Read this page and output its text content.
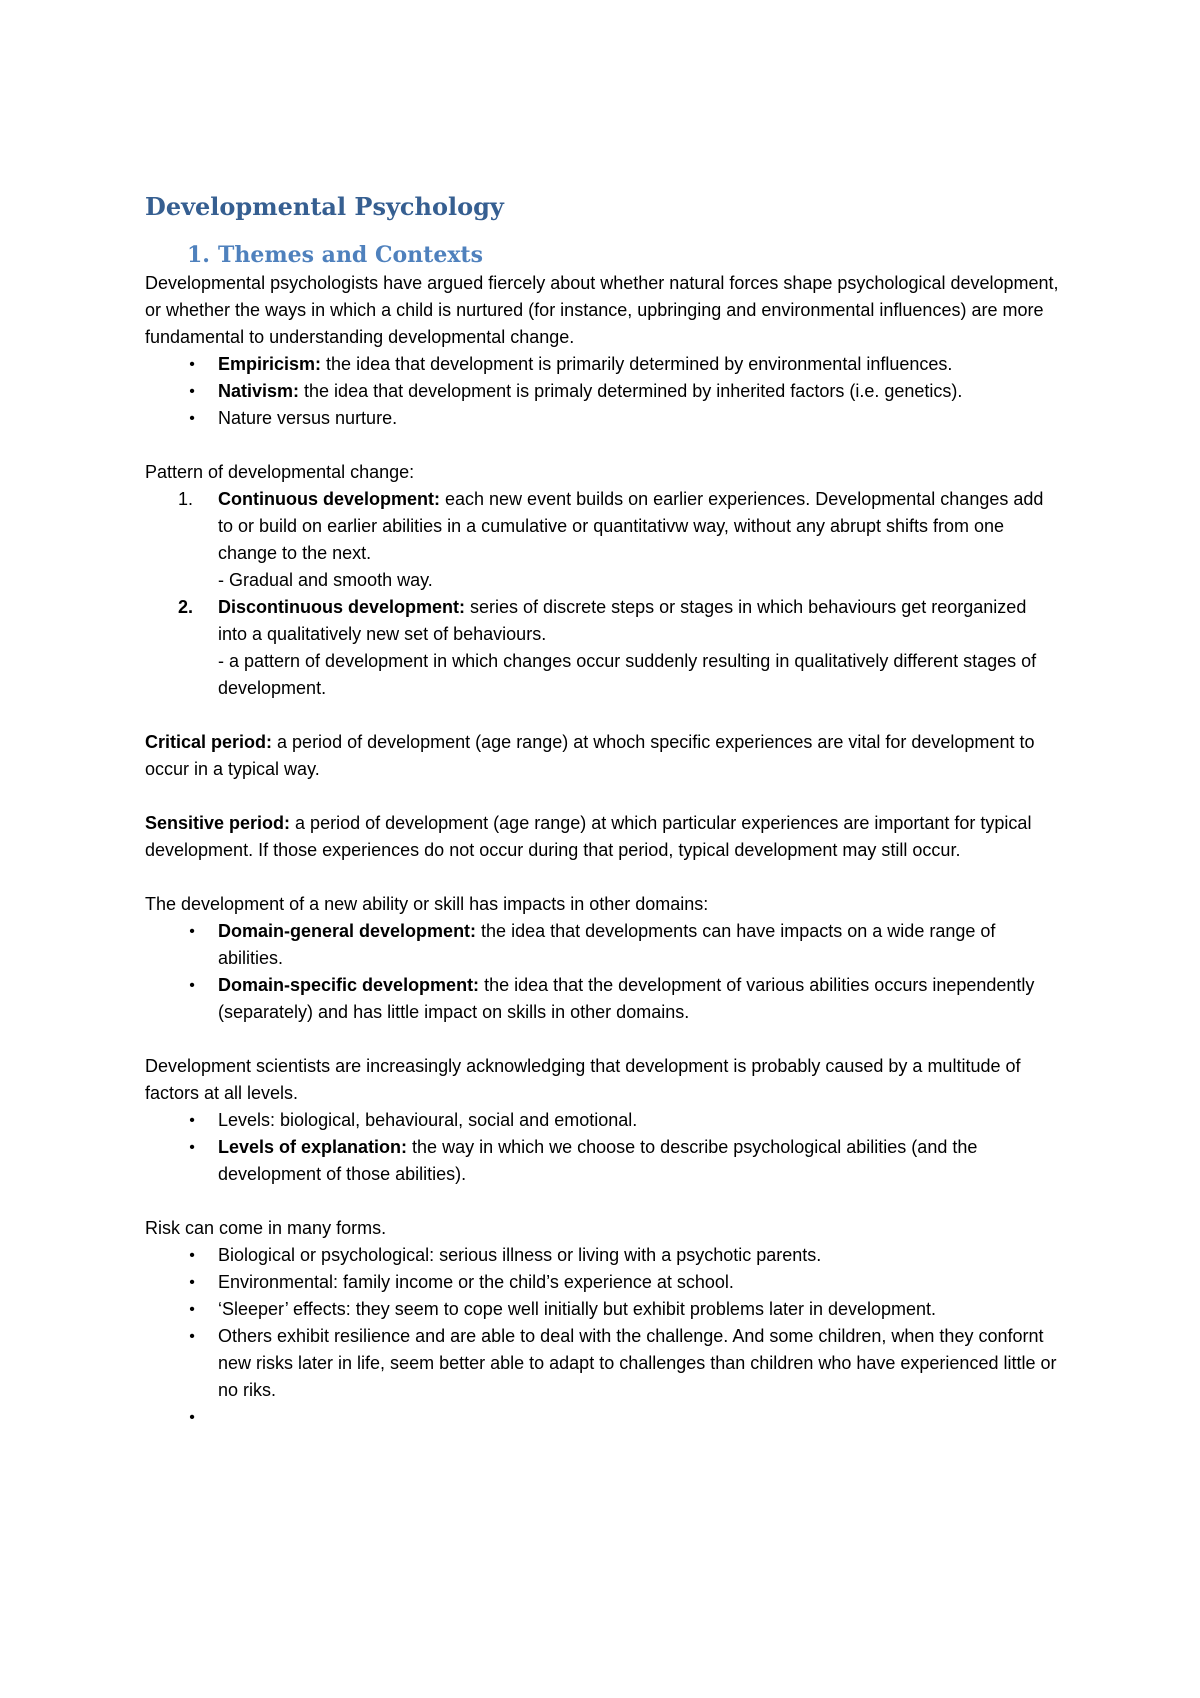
Developmental Psychology
1. Themes and Contexts

Developmental psychologists have argued fiercely about whether natural forces shape psychological development, or whether the ways in which a child is nurtured (for instance, upbringing and environmental influences) are more fundamental to understanding developmental change.

• Empiricism: the idea that development is primarily determined by environmental influences.
• Nativism: the idea that development is primaly determined by inherited factors (i.e. genetics).
• Nature versus nurture.

Pattern of developmental change:

1.	Continuous development: each new event builds on earlier experiences. Developmental changes add to or build on earlier abilities in a cumulative or quantitativw way, without any abrupt shifts from one change to the next.
- Gradual and smooth way.
2.	Discontinuous development: series of discrete steps or stages in which behaviours get reorganized into a qualitatively new set of behaviours.
- a pattern of development in which changes occur suddenly resulting in qualitatively different stages of development.

Critical period: a period of development (age range) at whoch specific experiences are vital for development to occur in a typical way.

Sensitive period: a period of development (age range) at which particular experiences are important for typical development. If those experiences do not occur during that period, typical development may still occur.

The development of a new ability or skill has impacts in other domains:

• Domain-general development: the idea that developments can have impacts on a wide range of abilities.
• Domain-specific development: the idea that the development of various abilities occurs inependently (separately) and has little impact on skills in other domains.

Development scientists are increasingly acknowledging that development is probably caused by a multitude of factors at all levels.

• Levels: biological, behavioural, social and emotional.
• Levels of explanation: the way in which we choose to describe psychological abilities (and the development of those abilities).

Risk can come in many forms.

• Biological or psychological: serious illness or living with a psychotic parents.
• Environmental: family income or the child’s experience at school.
• ‘Sleeper’ effects: they seem to cope well initially but exhibit problems later in development.
• Others exhibit resilience and are able to deal with the challenge. And some children, when they confornt new risks later in life, seem better able to adapt to challenges than children who have experienced little or no riks.
•
